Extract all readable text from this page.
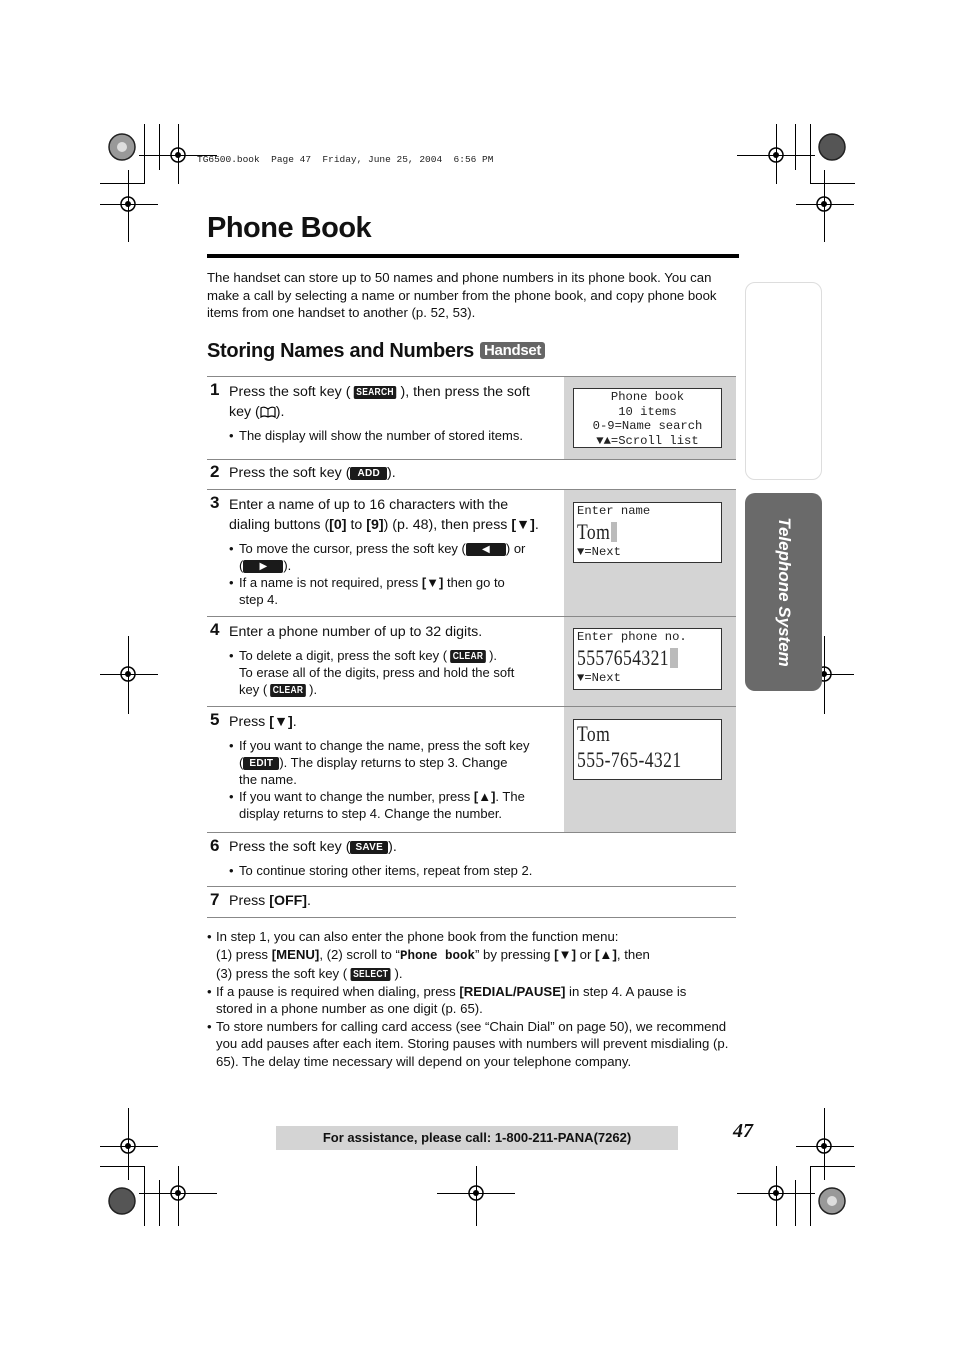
TG6500.book  Page 47  Friday, June 25, 2004  6:56 PM
Phone Book
The handset can store up to 50 names and phone numbers in its phone book. You can make a call by selecting a name or number from the phone book, and copy phone book items from one handset to another (p. 52, 53).
Storing Names and Numbers Handset
1 Press the soft key ( SEARCH ), then press the soft
key ( ).
• The display will show the number of stored items.
Phone book
10 items
0-9=Name search
▼▲=Scroll list
2 Press the soft key ( ADD ).
3 Enter a name of up to 16 characters with the
dialing buttons ([0] to [9]) (p. 48), then press [▼].
• To move the cursor, press the soft key ( ◀ ) or

( ▶ ).
• If a name is not required, press [▼] then go to

step 4.
Enter name
Tom
▼=Next
4 Enter a phone number of up to 32 digits.
• To delete a digit, press the soft key ( CLEAR ).

To erase all of the digits, press and hold the soft
key ( CLEAR ).
Enter phone no.
5557654321
▼=Next
5 Press [▼].
• If you want to change the name, press the soft key

( EDIT ). The display returns to step 3. Change
the name.
• If you want to change the number, press [▲]. The

display returns to step 4. Change the number.
Tom
555-765-4321
6 Press the soft key ( SAVE ).
• To continue storing other items, repeat from step 2.
7 Press [OFF].
• In step 1, you can also enter the phone book from the function menu:
(1) press [MENU], (2) scroll to “Phone book” by pressing [▼] or [▲], then
(3) press the soft key ( SELECT ).
• If a pause is required when dialing, press [REDIAL/PAUSE] in step 4. A pause is
stored in a phone number as one digit (p. 65).
• To store numbers for calling card access (see “Chain Dial” on page 50), we recommend you add pauses after each item. Storing pauses with numbers will prevent misdialing (p. 65). The delay time necessary will depend on your telephone company.
Telephone System
For assistance, please call: 1-800-211-PANA(7262)	47
